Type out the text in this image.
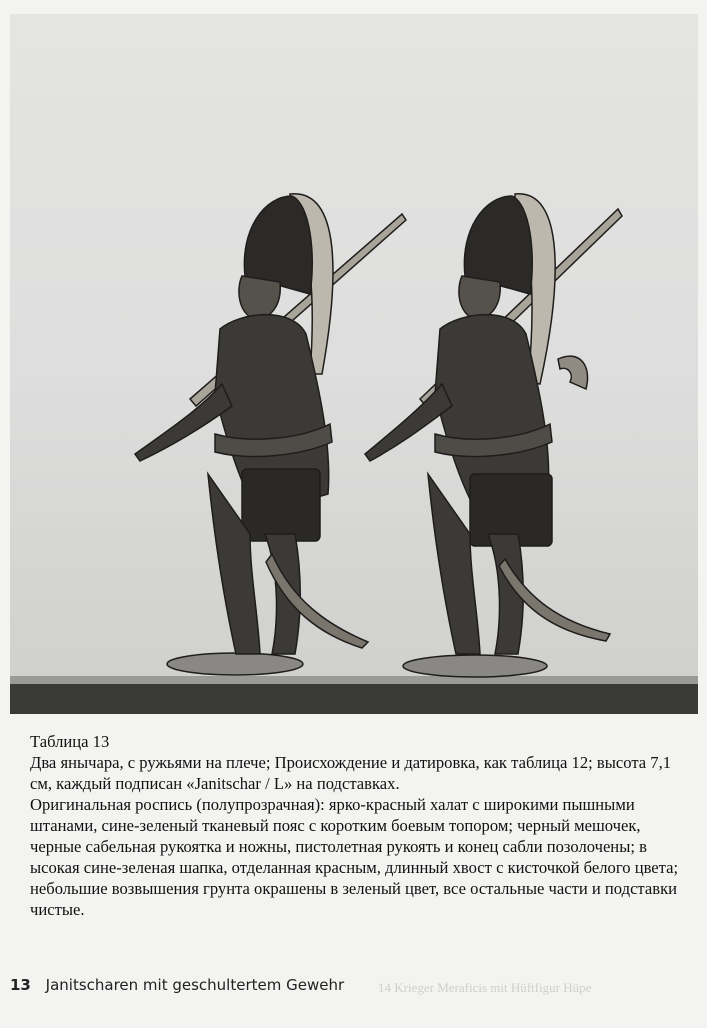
Таблица 13

Два янычара, с ружьями на плече; Происхождение и датировка, как таблица 12; высота 7,1 см, каждый подписан «Janitschar / L» на подставках.

Оригинальная роспись (полупрозрачная): ярко-красный халат с широкими пышными штанами, сине-зеленый тканевый пояс с коротким боевым топором; черный мешочек, черные сабельная рукоятка и ножны, пистолетная рукоять и конец сабли позолочены; в ысокая сине-зеленая шапка, отделанная красным, длинный хвост с кисточкой белого цвета; небольшие возвышения грунта окрашены в зеленый цвет, все остальные части и подставки чистые.

13 Janitscharen mit geschultertem Gewehr	14 Krieger Meraficis mit Hüftfigur Hüpe
